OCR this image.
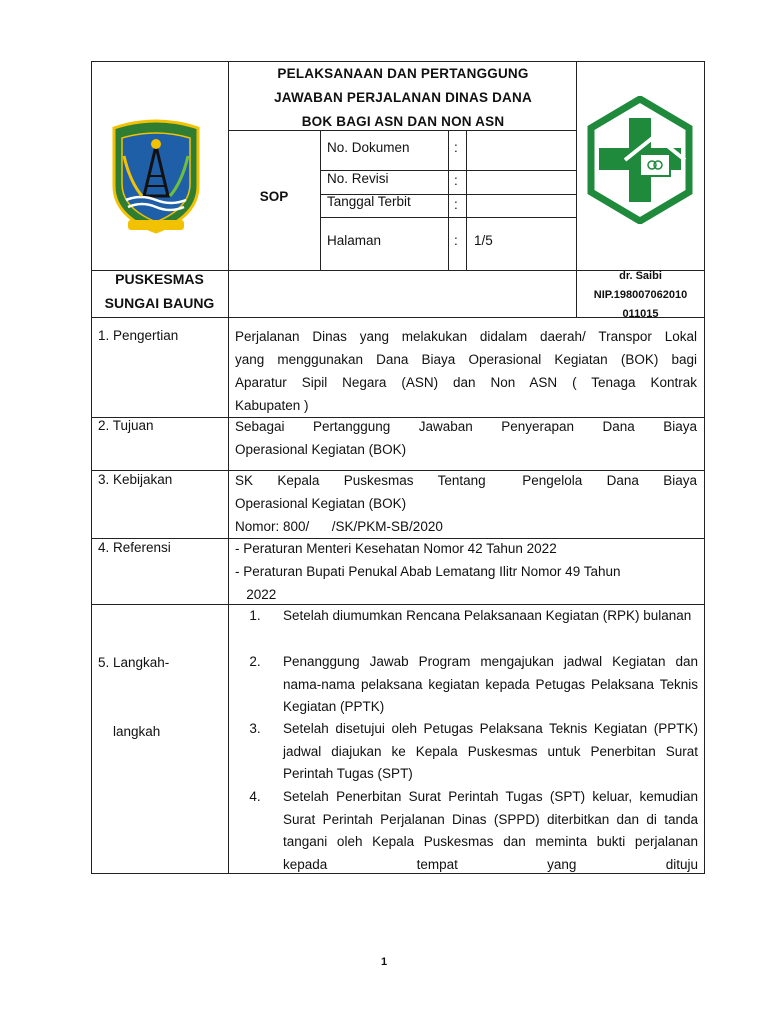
PELAKSANAAN DAN PERTANGGUNG
JAWABAN PERJALANAN DINAS DANA
BOK BAGI ASN DAN NON ASN
SOP
No. Dokumen	:
No. Revisi	:
Tanggal Terbit	:
Halaman	: 1/5
PUSKESMAS
SUNGAI BAUNG
dr. Saibi
NIP.198007062010
011015
1. Pengertian	Perjalanan Dinas yang melakukan didalam daerah/ Transpor Lokal
yang menggunakan Dana Biaya Operasional Kegiatan (BOK) bagi
Aparatur Sipil Negara (ASN) dan Non ASN ( Tenaga Kontrak
Kabupaten )
2. Tujuan	Sebagai  Pertanggung  Jawaban  Penyerapan  Dana  Biaya
Operasional Kegiatan (BOK)
3. Kebijakan	SK  Kepala  Puskesmas  Tentang   Pengelola  Dana  Biaya
Operasional Kegiatan (BOK)
Nomor: 800/      /SK/PKM-SB/2020
4. Referensi	- Peraturan Menteri Kesehatan Nomor 42 Tahun 2022
- Peraturan Bupati Penukal Abab Lematang Ilitr Nomor 49 Tahun
2022

5. Langkah-

langkah

1.	Setelah diumumkan Rencana Pelaksanaan Kegiatan (RPK) bulanan
2.	Penanggung Jawab Program mengajukan jadwal Kegiatan dan nama-nama pelaksana kegiatan kepada Petugas Pelaksana Teknis Kegiatan (PPTK)
3.	Setelah disetujui oleh Petugas Pelaksana Teknis Kegiatan (PPTK) jadwal diajukan ke Kepala Puskesmas untuk Penerbitan Surat Perintah Tugas (SPT)
4.	Setelah Penerbitan Surat Perintah Tugas (SPT) keluar, kemudian Surat Perintah Perjalanan Dinas (SPPD) diterbitkan dan di tanda tangani oleh Kepala Puskesmas dan meminta bukti perjalanan kepada tempat yang dituju
1
